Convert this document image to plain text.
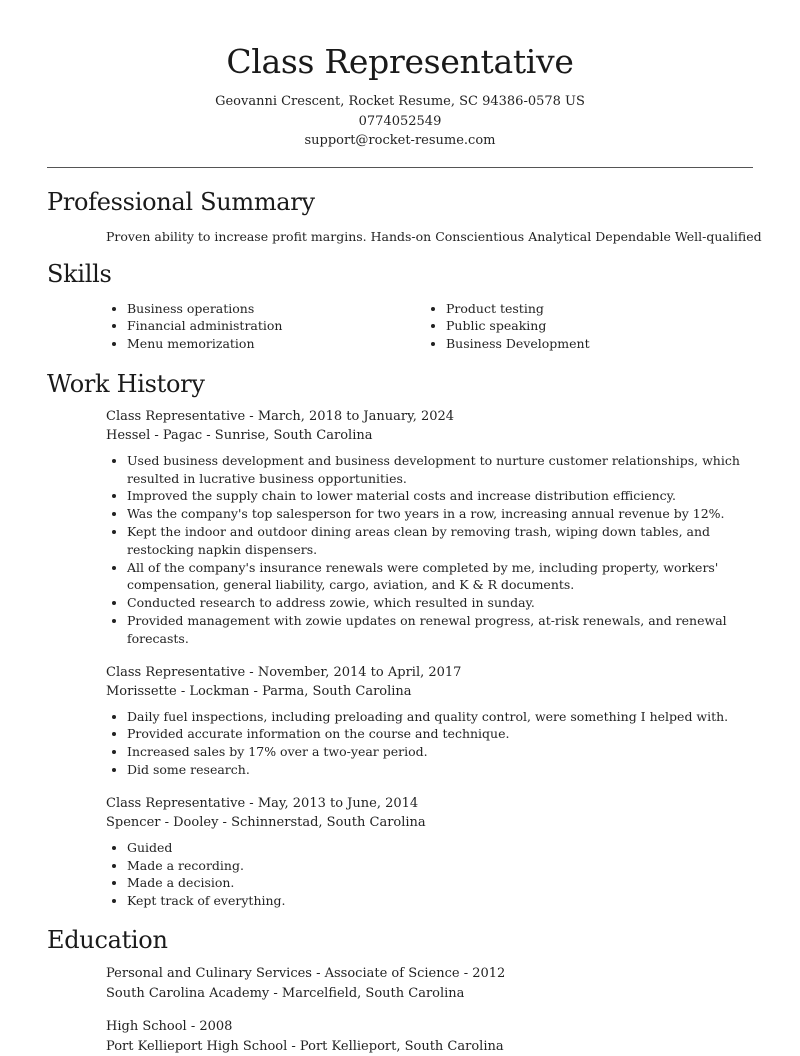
Class Representative
Geovanni Crescent, Rocket Resume, SC 94386-0578 US
0774052549
support@rocket-resume.com
Professional Summary

Proven ability to increase profit margins. Hands-on Conscientious Analytical Dependable Well-qualified

Skills
• Business operations
• Financial administration
• Menu memorization
• Product testing
• Public speaking
• Business Development
Work History
Class Representative - March, 2018 to January, 2024
Hessel - Pagac - Sunrise, South Carolina
• Used business development and business development to nurture customer relationships, which resulted in lucrative business opportunities.
• Improved the supply chain to lower material costs and increase distribution efficiency.
• Was the company's top salesperson for two years in a row, increasing annual revenue by 12%.
• Kept the indoor and outdoor dining areas clean by removing trash, wiping down tables, and restocking napkin dispensers.
• All of the company's insurance renewals were completed by me, including property, workers' compensation, general liability, cargo, aviation, and K & R documents.
• Conducted research to address zowie, which resulted in sunday.
• Provided management with zowie updates on renewal progress, at-risk renewals, and renewal forecasts.
Class Representative - November, 2014 to April, 2017
Morissette - Lockman - Parma, South Carolina
• Daily fuel inspections, including preloading and quality control, were something I helped with.
• Provided accurate information on the course and technique.
• Increased sales by 17% over a two-year period.
• Did some research.
Class Representative - May, 2013 to June, 2014
Spencer - Dooley - Schinnerstad, South Carolina
• Guided
• Made a recording.
• Made a decision.
• Kept track of everything.
Education
Personal and Culinary Services - Associate of Science - 2012
South Carolina Academy - Marcelfield, South Carolina
High School - 2008
Port Kellieport High School - Port Kellieport, South Carolina
